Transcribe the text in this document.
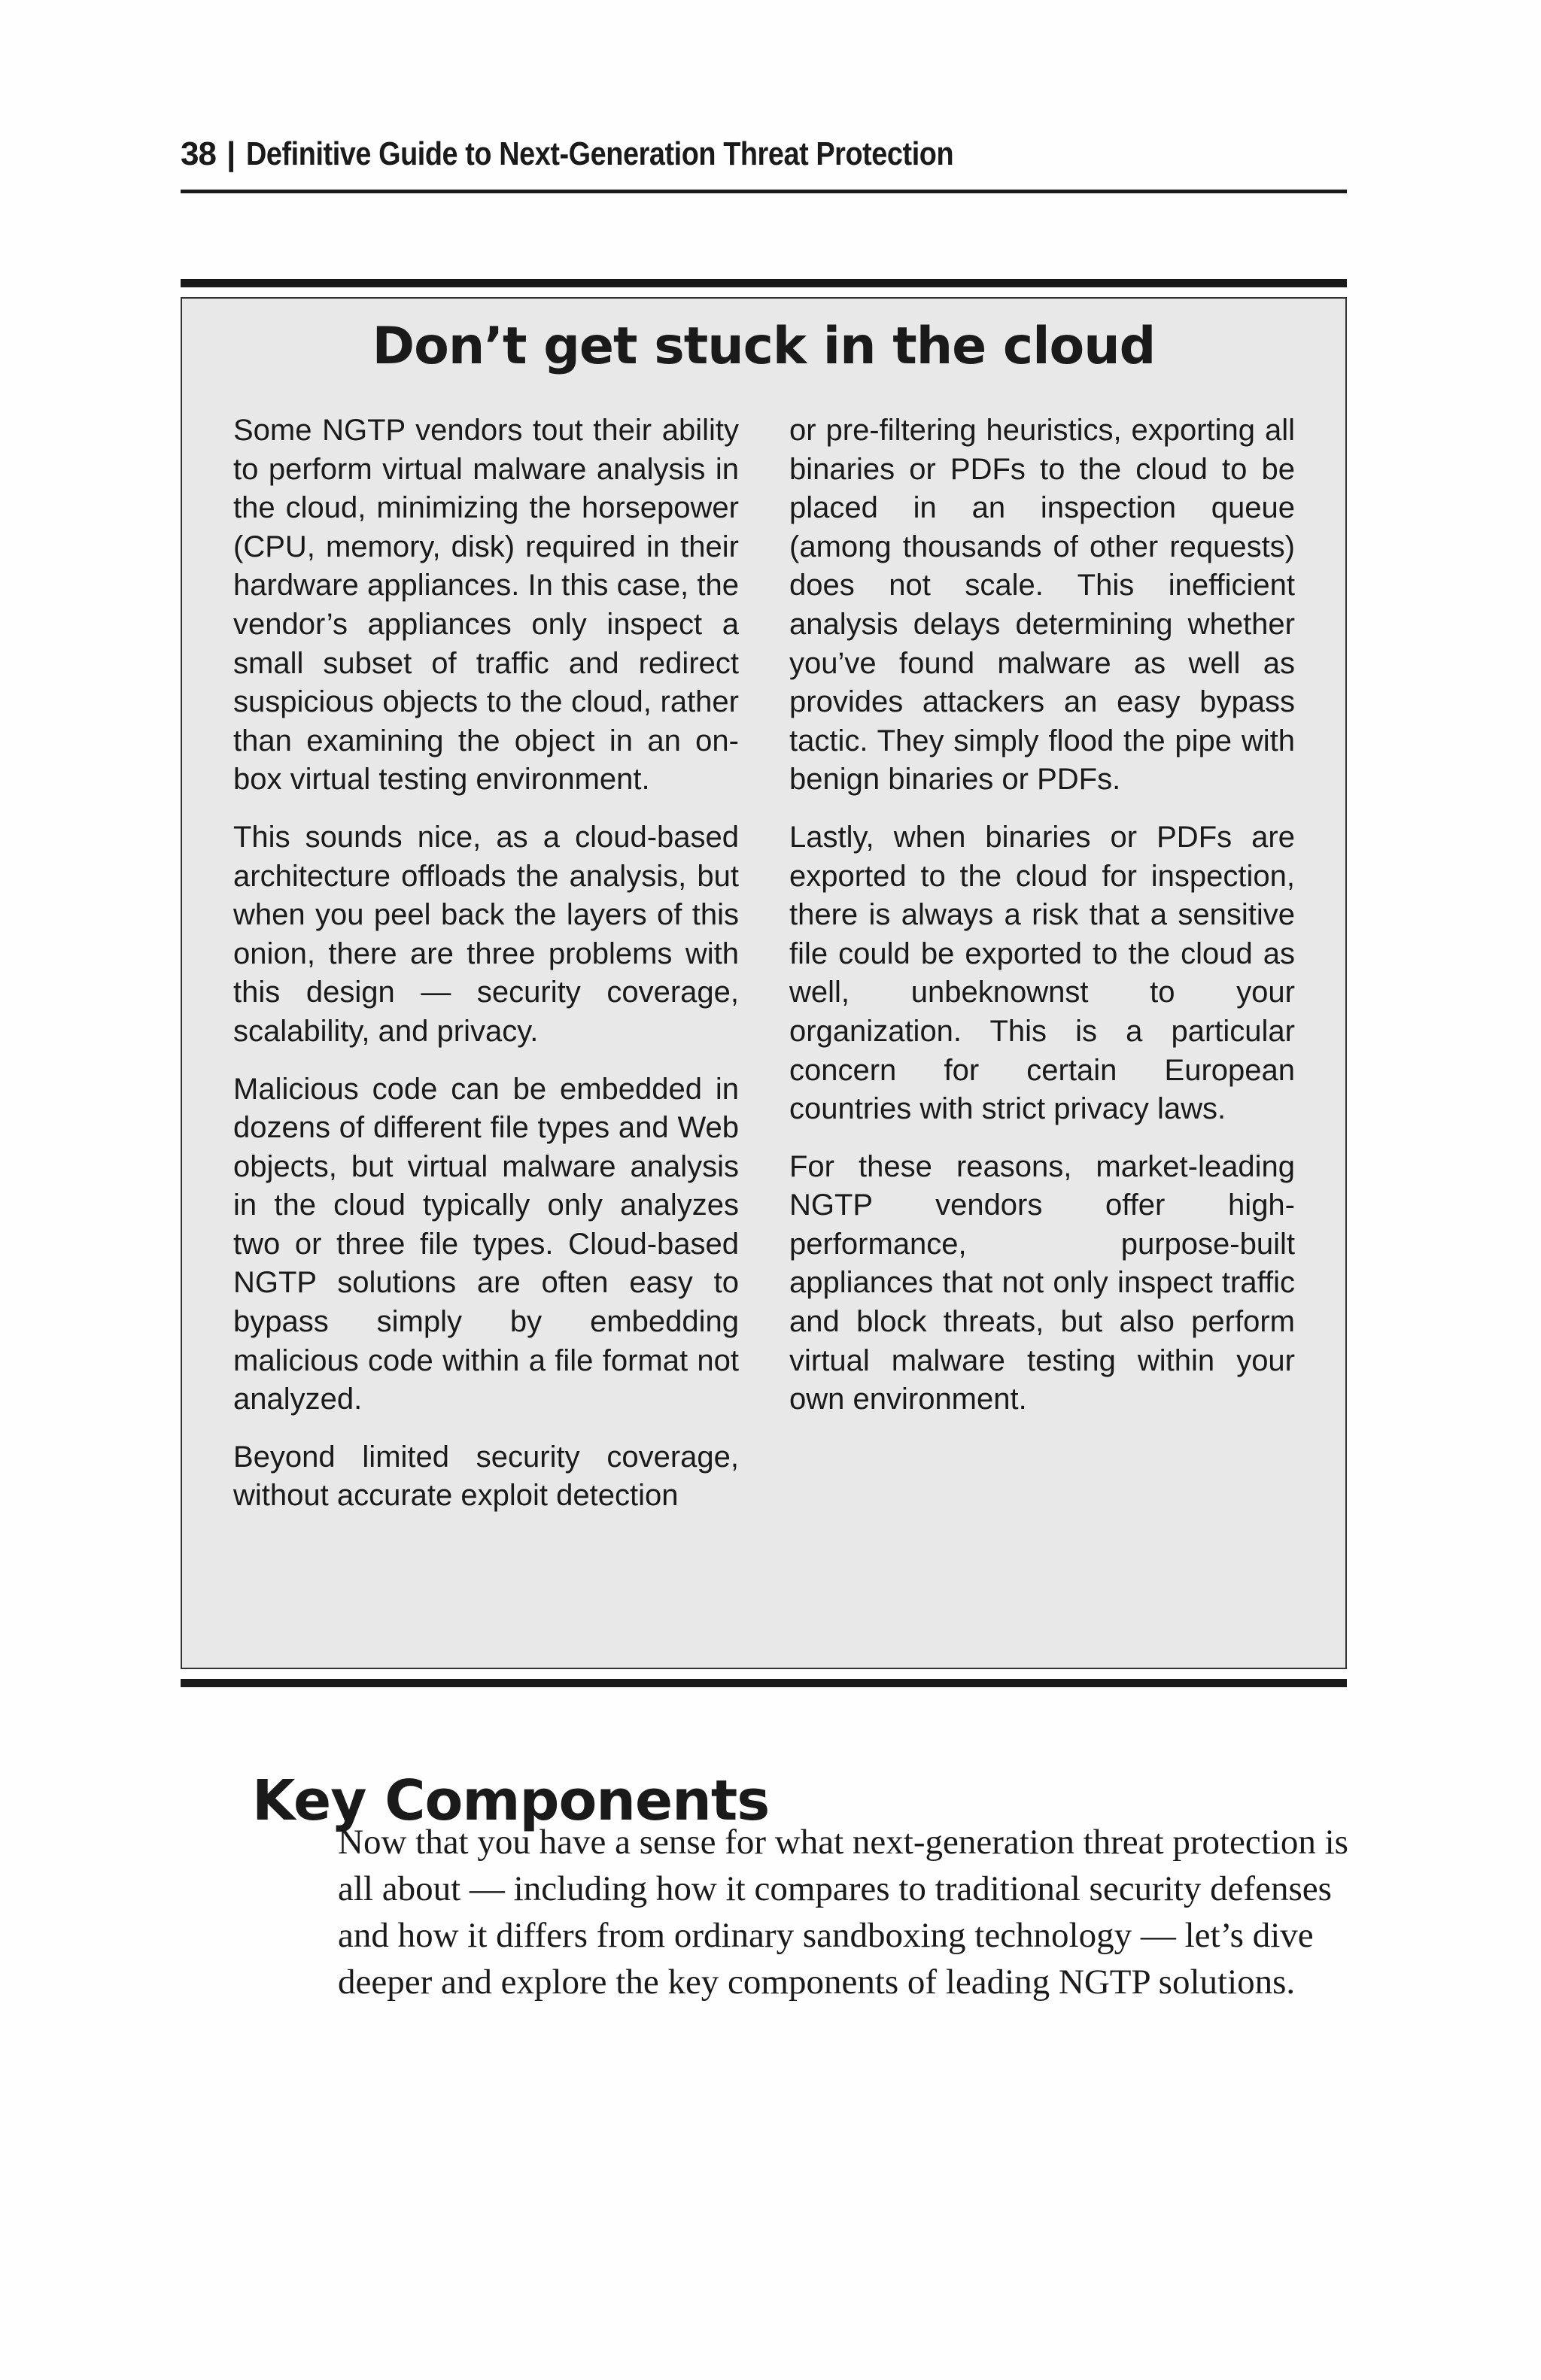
38 | Definitive Guide to Next-Generation Threat Protection
Don’t get stuck in the cloud

Some NGTP vendors tout their ability to perform virtual malware analysis in the cloud, minimizing the horsepower (CPU, memory, disk) required in their hardware appliances. In this case, the vendor’s appliances only inspect a small subset of traffic and redirect suspicious objects to the cloud, rather than examining the object in an on-box virtual testing environment.

This sounds nice, as a cloud-based architecture offloads the analysis, but when you peel back the layers of this onion, there are three problems with this design — security coverage, scalability, and privacy.

Malicious code can be embedded in dozens of different file types and Web objects, but virtual malware analysis in the cloud typically only analyzes two or three file types. Cloud-based NGTP solutions are often easy to bypass simply by embedding malicious code within a file format not analyzed.

Beyond limited security coverage, without accurate exploit detection

or pre-filtering heuristics, exporting all binaries or PDFs to the cloud to be placed in an inspection queue (among thousands of other requests) does not scale. This inefficient analysis delays determining whether you’ve found malware as well as provides attackers an easy bypass tactic. They simply flood the pipe with benign binaries or PDFs.

Lastly, when binaries or PDFs are exported to the cloud for inspection, there is always a risk that a sensitive file could be exported to the cloud as well, unbeknownst to your organization. This is a particular concern for certain European countries with strict privacy laws.

For these reasons, market-leading NGTP vendors offer high-performance, purpose-built appliances that not only inspect traffic and block threats, but also perform virtual malware testing within your own environment.

Key Components

Now that you have a sense for what next-generation threat protection is all about — including how it compares to traditional security defenses and how it differs from ordinary sandboxing technology — let’s dive deeper and explore the key components of leading NGTP solutions.
